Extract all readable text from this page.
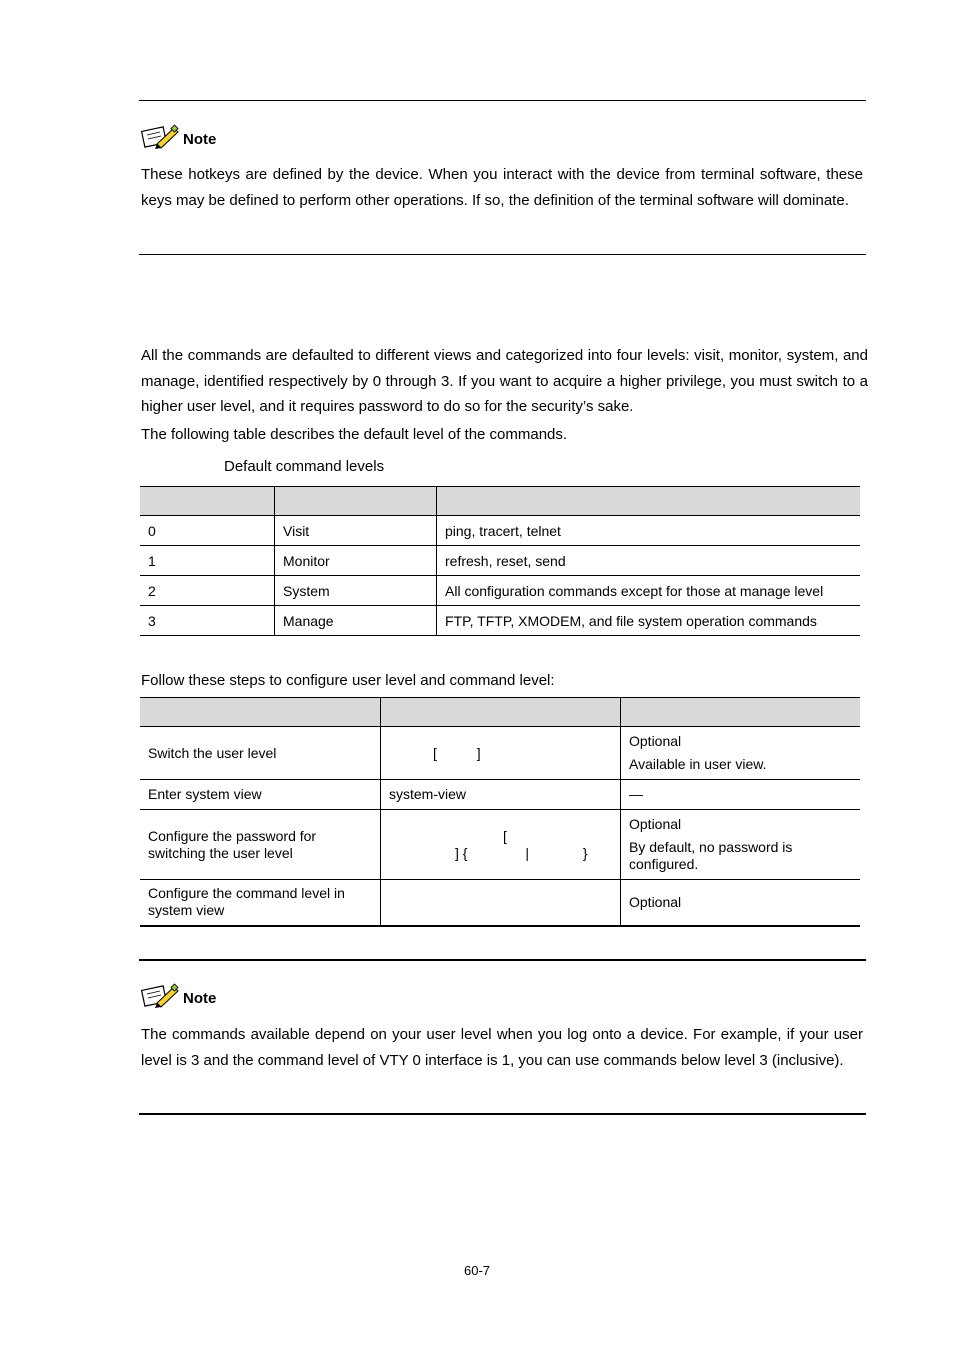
Note
These hotkeys are defined by the device. When you interact with the device from terminal software, these keys may be defined to perform other operations. If so, the definition of the terminal software will dominate.
All the commands are defaulted to different views and categorized into four levels: visit, monitor, system, and manage, identified respectively by 0 through 3. If you want to acquire a higher privilege, you must switch to a higher user level, and it requires password to do so for the security’s sake.
The following table describes the default level of the commands.
Default command levels

0	Visit	ping, tracert, telnet
1	Monitor	refresh, reset, send
2	System	All configuration commands except for those at manage level
3	Manage	FTP, TFTP, XMODEM, and file system operation commands
Follow these steps to configure user level and command level:

Switch the user level	[ ]	Optional
Available in user view.
Enter system view	system-view	—
Configure the password for
switching the user level	[
] { | }	Optional
By default, no password is
configured.
Configure the command level in
system view		Optional
Note
The commands available depend on your user level when you log onto a device. For example, if your user level is 3 and the command level of VTY 0 interface is 1, you can use commands below level 3 (inclusive).
60-7
